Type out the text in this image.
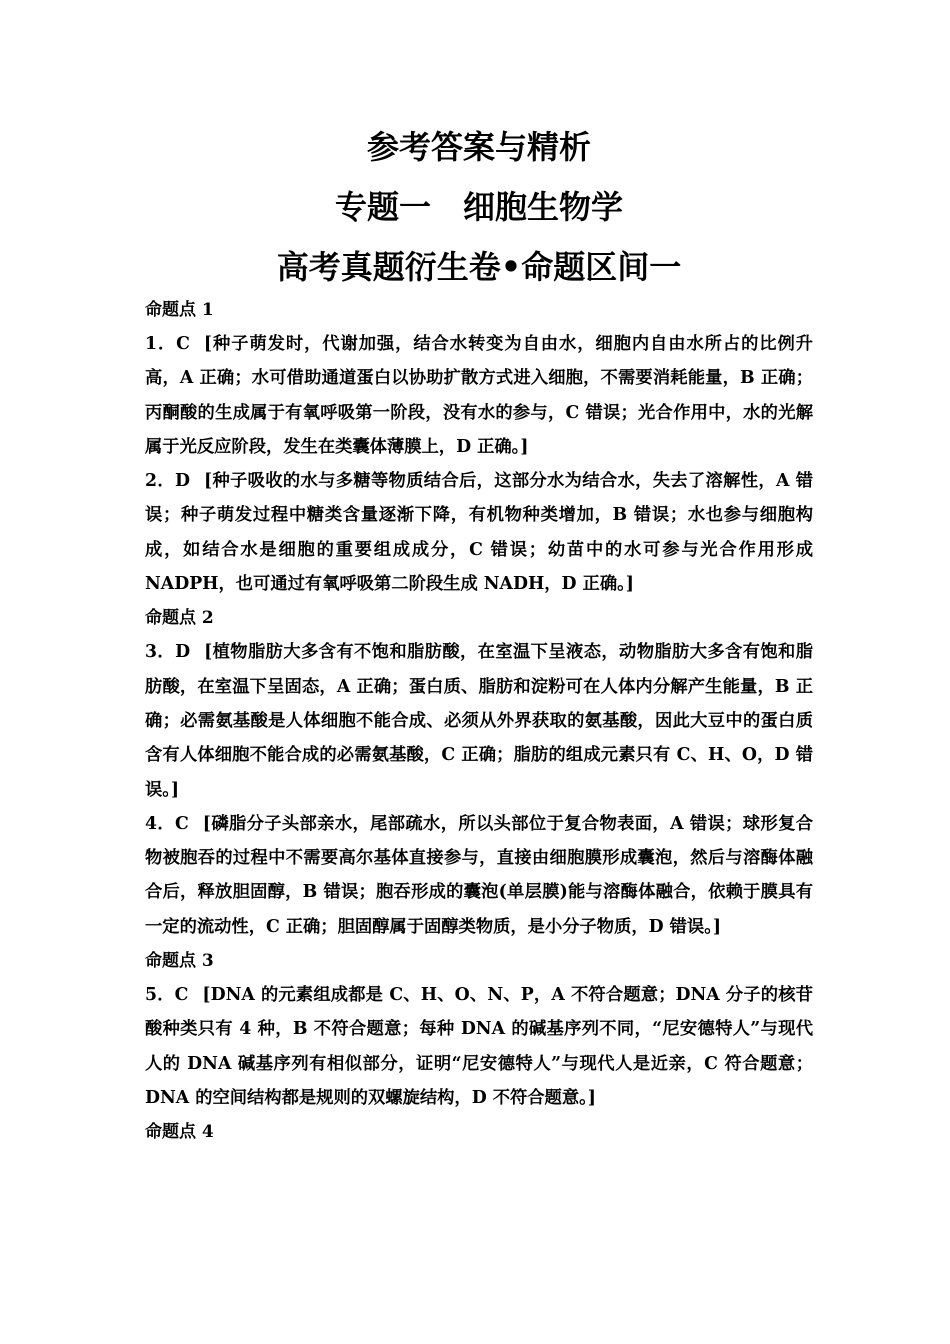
参考答案与精析
专题一　细胞生物学
高考真题衍生卷•命题区间一

命题点 1

1．C [种子萌发时，代谢加强，结合水转变为自由水，细胞内自由水所占的比例升高，A 正确；水可借助通道蛋白以协助扩散方式进入细胞，不需要消耗能量，B 正确；丙酮酸的生成属于有氧呼吸第一阶段，没有水的参与，C 错误；光合作用中，水的光解属于光反应阶段，发生在类囊体薄膜上，D 正确。]

2．D [种子吸收的水与多糖等物质结合后，这部分水为结合水，失去了溶解性，A 错误；种子萌发过程中糖类含量逐渐下降，有机物种类增加，B 错误；水也参与细胞构成，如结合水是细胞的重要组成成分，C 错误；幼苗中的水可参与光合作用形成 NADPH，也可通过有氧呼吸第二阶段生成 NADH，D 正确。]

命题点 2

3．D [植物脂肪大多含有不饱和脂肪酸，在室温下呈液态，动物脂肪大多含有饱和脂肪酸，在室温下呈固态，A 正确；蛋白质、脂肪和淀粉可在人体内分解产生能量，B 正确；必需氨基酸是人体细胞不能合成、必须从外界获取的氨基酸，因此大豆中的蛋白质含有人体细胞不能合成的必需氨基酸，C 正确；脂肪的组成元素只有 C、H、O，D 错误。]

4．C [磷脂分子头部亲水，尾部疏水，所以头部位于复合物表面，A 错误；球形复合物被胞吞的过程中不需要高尔基体直接参与，直接由细胞膜形成囊泡，然后与溶酶体融合后，释放胆固醇，B 错误；胞吞形成的囊泡(单层膜)能与溶酶体融合，依赖于膜具有一定的流动性，C 正确；胆固醇属于固醇类物质，是小分子物质，D 错误。]

命题点 3

5．C [DNA 的元素组成都是 C、H、O、N、P，A 不符合题意；DNA 分子的核苷酸种类只有 4 种，B 不符合题意；每种 DNA 的碱基序列不同，“尼安德特人”与现代人的 DNA 碱基序列有相似部分，证明“尼安德特人”与现代人是近亲，C 符合题意；DNA 的空间结构都是规则的双螺旋结构，D 不符合题意。]

命题点 4
